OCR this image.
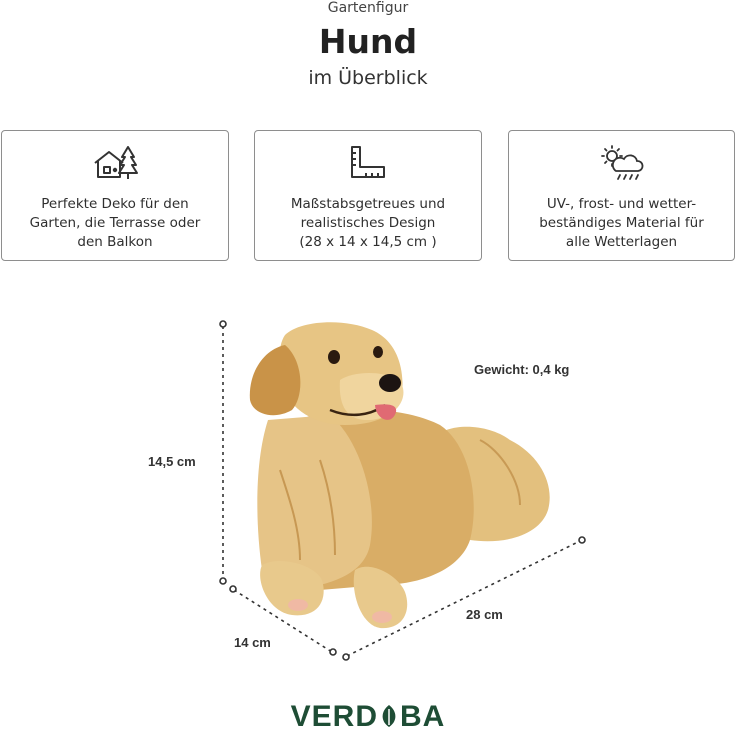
Gartenfigur
Hund
im Überblick
Perfekte Deko für den
Garten, die Terrasse oder
den Balkon
Maßstabsgetreues und
realistisches Design
(28 x 14 x 14,5 cm )
UV-, frost- und wetter-
beständiges Material für
alle Wetterlagen
Gewicht: 0,4 kg
14,5 cm
14 cm
28 cm
VERD BA
